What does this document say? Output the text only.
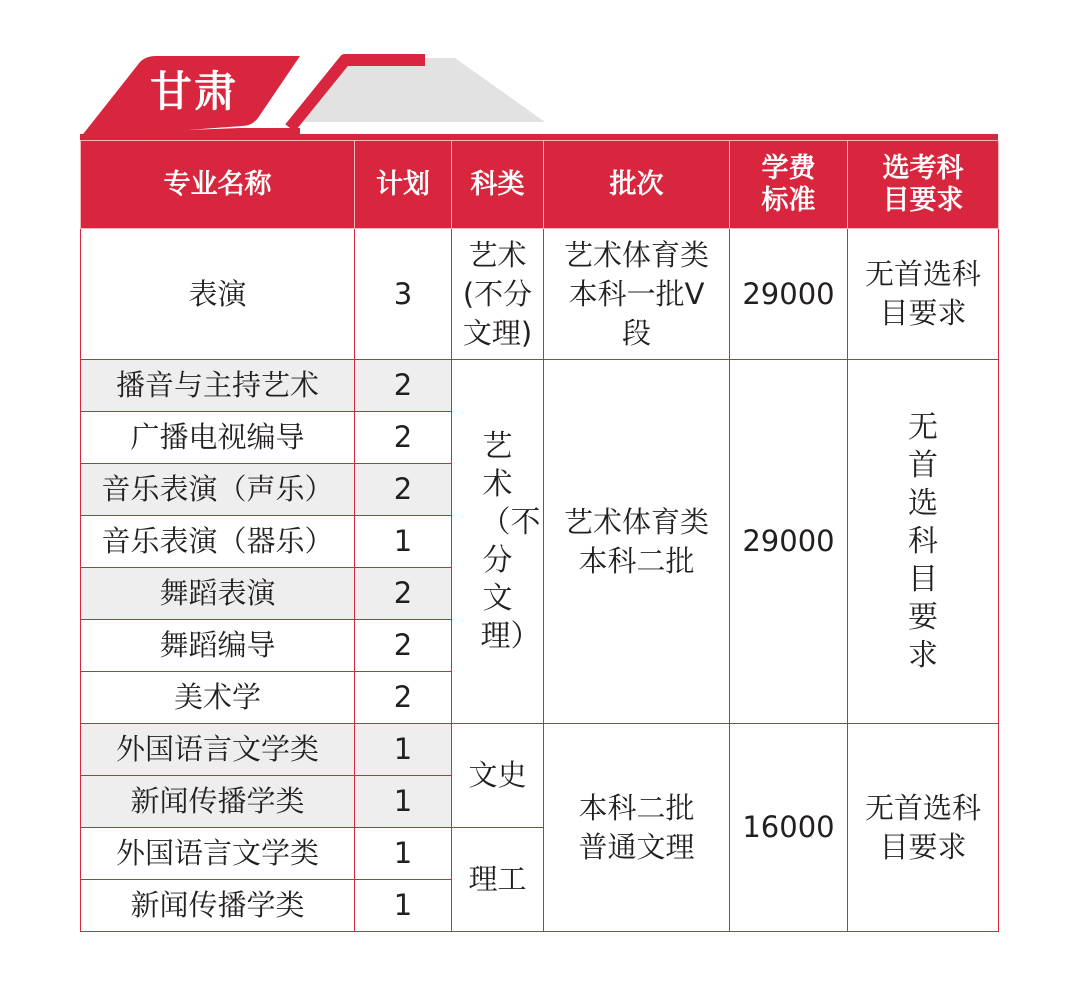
甘肃
专业名称	计划	科类	批次	学费标准	选考科目要求
表演	3	艺术(不分文理)	艺术体育类本科一批V段	29000	无首选科目要求
播音与主持艺术	2	艺术（不分文理）	艺术体育类本科二批	29000	无首选科目要求
广播电视编导	2				
音乐表演（声乐）	2				
音乐表演（器乐）	1				
舞蹈表演	2				
舞蹈编导	2				
美术学	2				
外国语言文学类	1	文史	本科二批普通文理	16000	无首选科目要求
新闻传播学类	1				
外国语言文学类	1	理工			
新闻传播学类	1				
